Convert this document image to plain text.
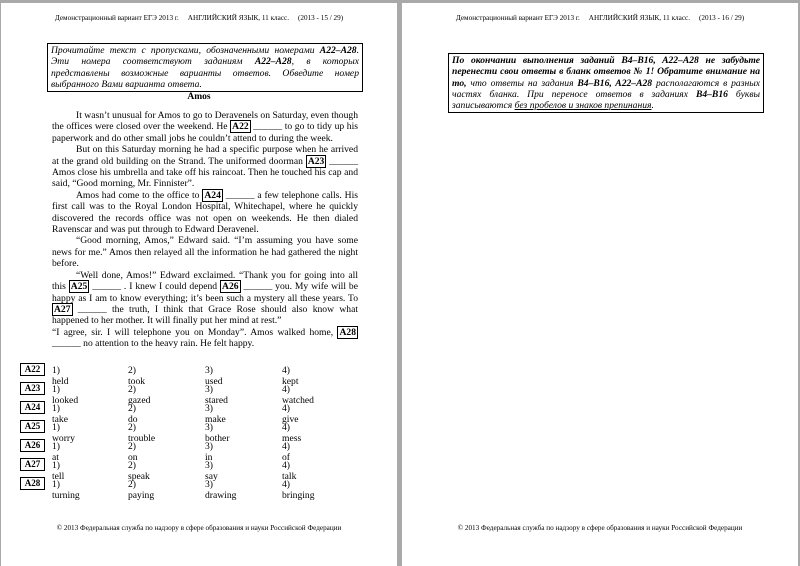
Демонстрационный вариант ЕГЭ 2013 г.     АНГЛИЙСКИЙ ЯЗЫК, 11 класс.     (2013 - 15 / 29)
Прочитайте текст с пропусками, обозначенными номерами A22–A28. Эти номера соответствуют заданиям A22–A28, в которых представлены возможные варианты ответов. Обведите номер выбранного Вами варианта ответа.
Amos

It wasn’t unusual for Amos to go to Deravenels on Saturday, even though the offices were closed over the weekend. He A22 ______ to go to tidy up his paperwork and do other small jobs he couldn’t attend to during the week.

But on this Saturday morning he had a specific purpose when he arrived at the grand old building on the Strand. The uniformed doorman A23 ______ Amos close his umbrella and take off his raincoat. Then he touched his cap and said, “Good morning, Mr. Finnister”.

Amos had come to the office to A24 ______ a few telephone calls. His first call was to the Royal London Hospital, Whitechapel, where he quickly discovered the records office was not open on weekends. He then dialed Ravenscar and was put through to Edward Deravenel.

“Good morning, Amos,” Edward said. “I’m assuming you have some news for me.” Amos then relayed all the information he had gathered the night before.

“Well done, Amos!” Edward exclaimed. “Thank you for going into all this A25 ______ . I knew I could depend A26 ______ you. My wife will be happy as I am to know everything; it’s been such a mystery all these years. To A27 ______ the truth, I think that Grace Rose should also know what happened to her mother. It will finally put her mind at rest.”

“I agree, sir. I will telephone you on Monday”. Amos walked home, A28 ______ no attention to the heavy rain. He felt happy.

A22	1)held
2)took
3)used
4)kept
A23	1)looked
2)gazed
3)stared
4)watched
A24	1)take
2)do
3)make
4)give
A25	1)worry
2)trouble
3)bother
4)mess
A26	1)at
2)on
3)in
4)of
A27	1)tell
2)speak
3)say
4)talk
A28	1)turning
2)paying
3)drawing
4)bringing
© 2013 Федеральная служба по надзору в сфере образования и науки Российской Федерации
Демонстрационный вариант ЕГЭ 2013 г.     АНГЛИЙСКИЙ ЯЗЫК, 11 класс.     (2013 - 16 / 29)
По окончании выполнения заданий B4–B16, A22–A28 не забудьте перенести свои ответы в бланк ответов № 1! Обратите внимание на то, что ответы на задания B4–B16, A22–A28 располагаются в разных частях бланка. При переносе ответов в заданиях B4–B16 буквы записываются без пробелов и знаков препинания.
© 2013 Федеральная служба по надзору в сфере образования и науки Российской Федерации
